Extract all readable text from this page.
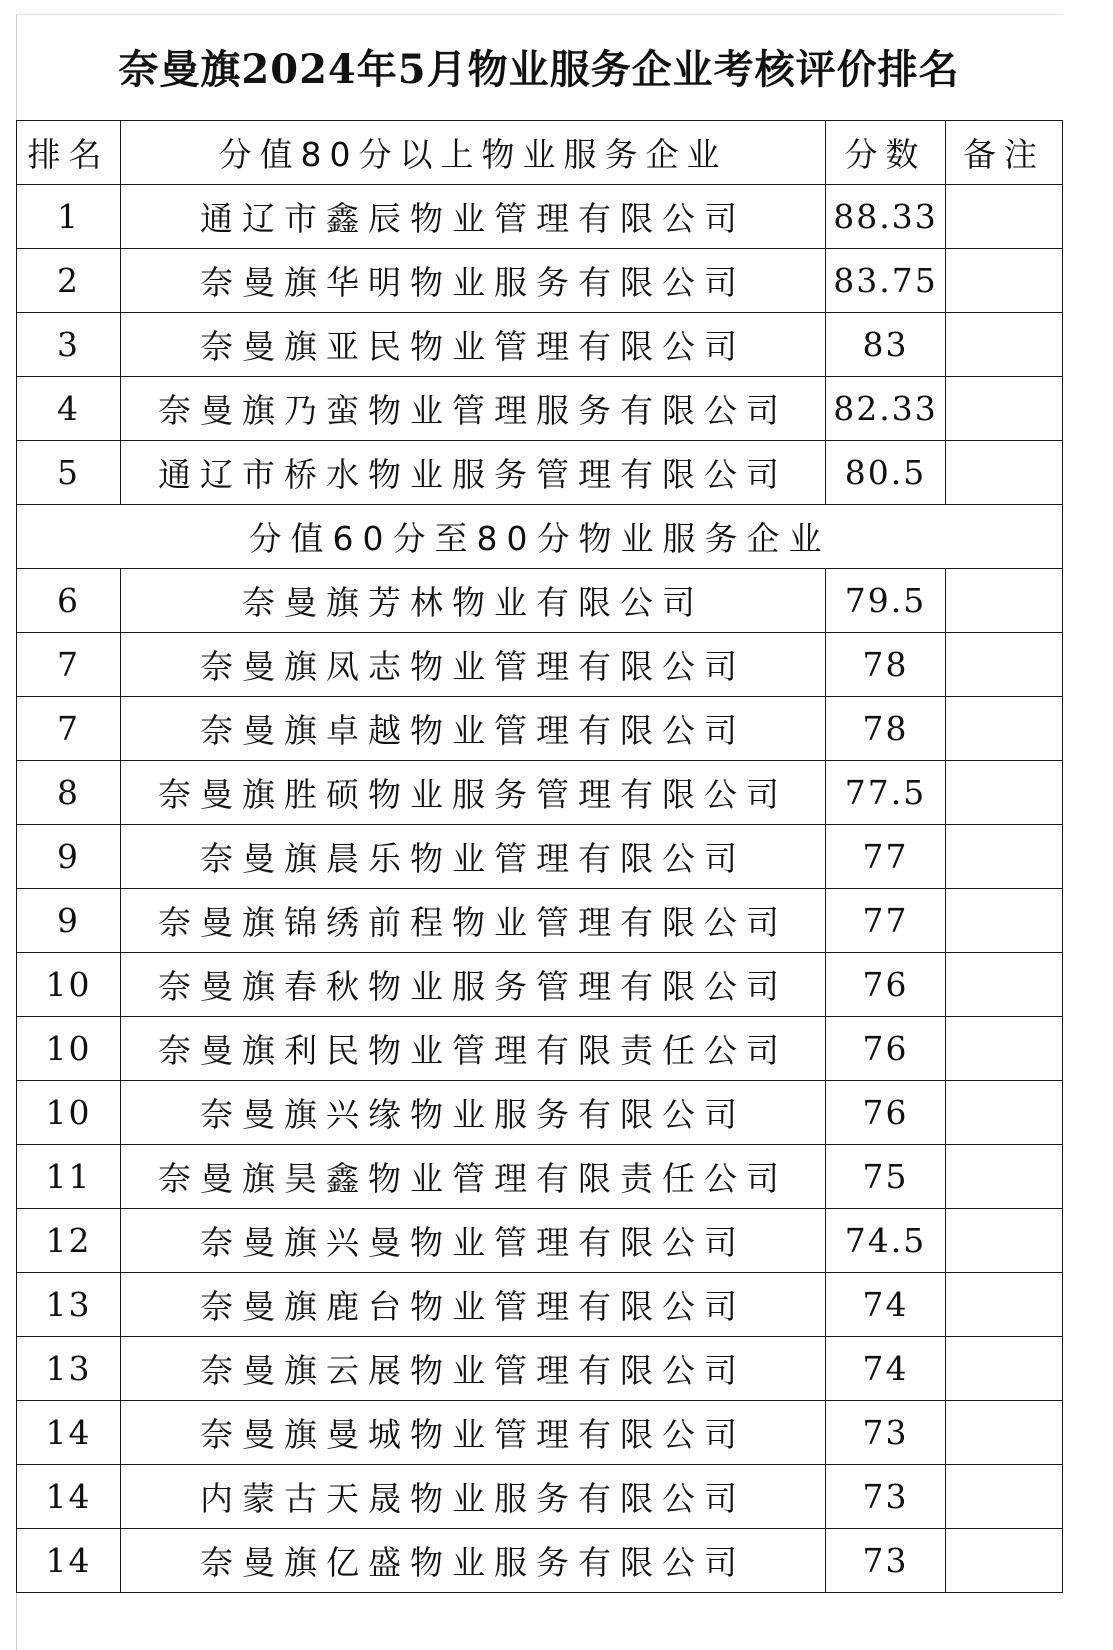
奈曼旗2024年5月物业服务企业考核评价排名
排名	分值80分以上物业服务企业	分数	备注
1	通辽市鑫辰物业管理有限公司	88.33	
2	奈曼旗华明物业服务有限公司	83.75	
3	奈曼旗亚民物业管理有限公司	83	
4	奈曼旗乃蛮物业管理服务有限公司	82.33	
5	通辽市桥水物业服务管理有限公司	80.5	
分值60分至80分物业服务企业			
6	奈曼旗芳林物业有限公司	79.5	
7	奈曼旗凤志物业管理有限公司	78	
7	奈曼旗卓越物业管理有限公司	78	
8	奈曼旗胜硕物业服务管理有限公司	77.5	
9	奈曼旗晨乐物业管理有限公司	77	
9	奈曼旗锦绣前程物业管理有限公司	77	
10	奈曼旗春秋物业服务管理有限公司	76	
10	奈曼旗利民物业管理有限责任公司	76	
10	奈曼旗兴缘物业服务有限公司	76	
11	奈曼旗昊鑫物业管理有限责任公司	75	
12	奈曼旗兴曼物业管理有限公司	74.5	
13	奈曼旗鹿台物业管理有限公司	74	
13	奈曼旗云展物业管理有限公司	74	
14	奈曼旗曼城物业管理有限公司	73	
14	内蒙古天晟物业服务有限公司	73	
14	奈曼旗亿盛物业服务有限公司	73	
